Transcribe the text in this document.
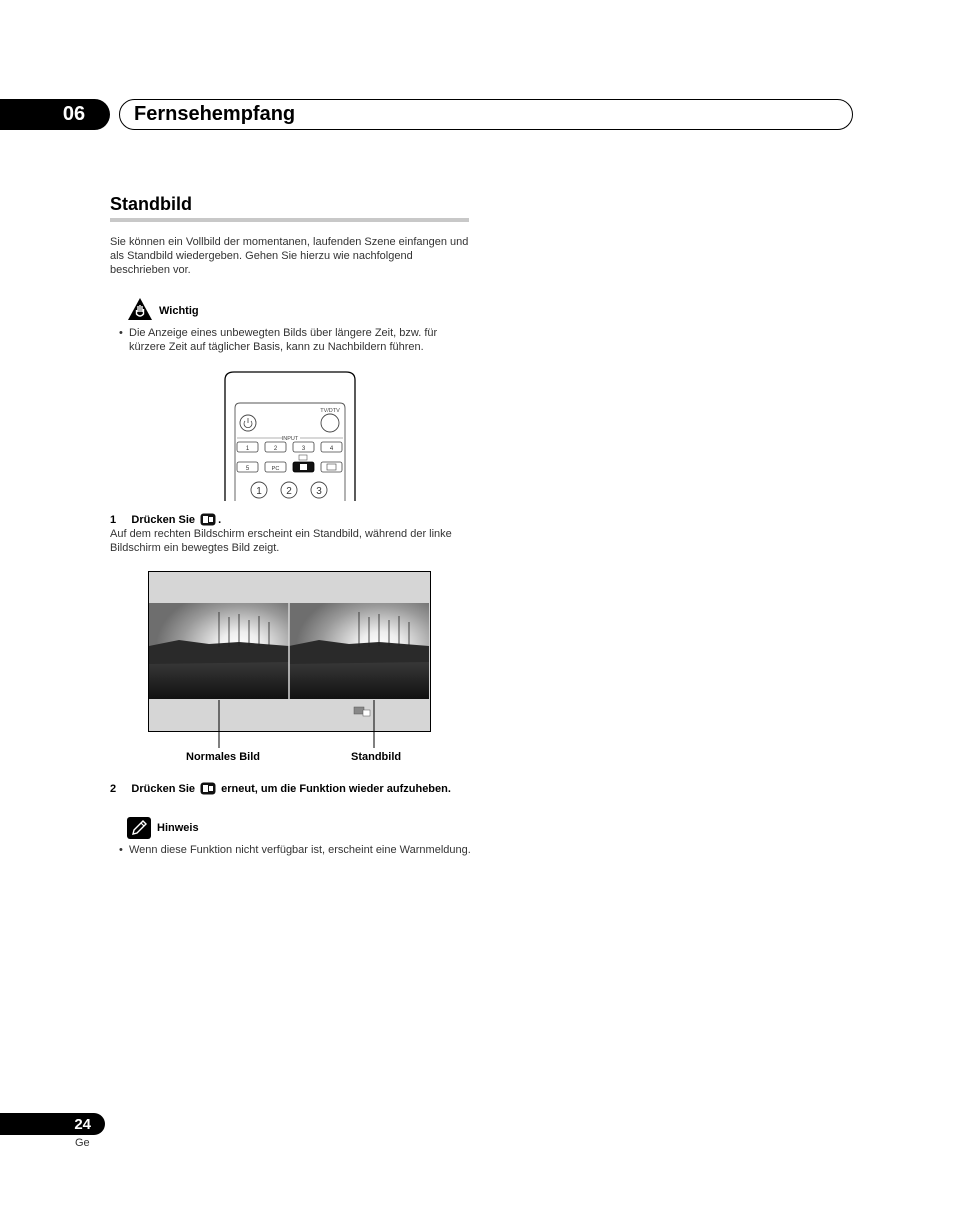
06 Fernsehempfang
Standbild
Sie können ein Vollbild der momentanen, laufenden Szene einfangen und als Standbild wiedergeben. Gehen Sie hierzu wie nachfolgend beschrieben vor.
Wichtig
• Die Anzeige eines unbewegten Bilds über längere Zeit, bzw. für kürzere Zeit auf täglicher Basis, kann zu Nachbildern führen.
TV/DTV
INPUT
1	2	3	4
5	PC
1 2 3
1 Drücken Sie .
Auf dem rechten Bildschirm erscheint ein Standbild, während der linke Bildschirm ein bewegtes Bild zeigt.
Normales Bild	Standbild
2 Drücken Sie erneut, um die Funktion wieder aufzuheben.
Hinweis
• Wenn diese Funktion nicht verfügbar ist, erscheint eine Warnmeldung.
24
Ge
